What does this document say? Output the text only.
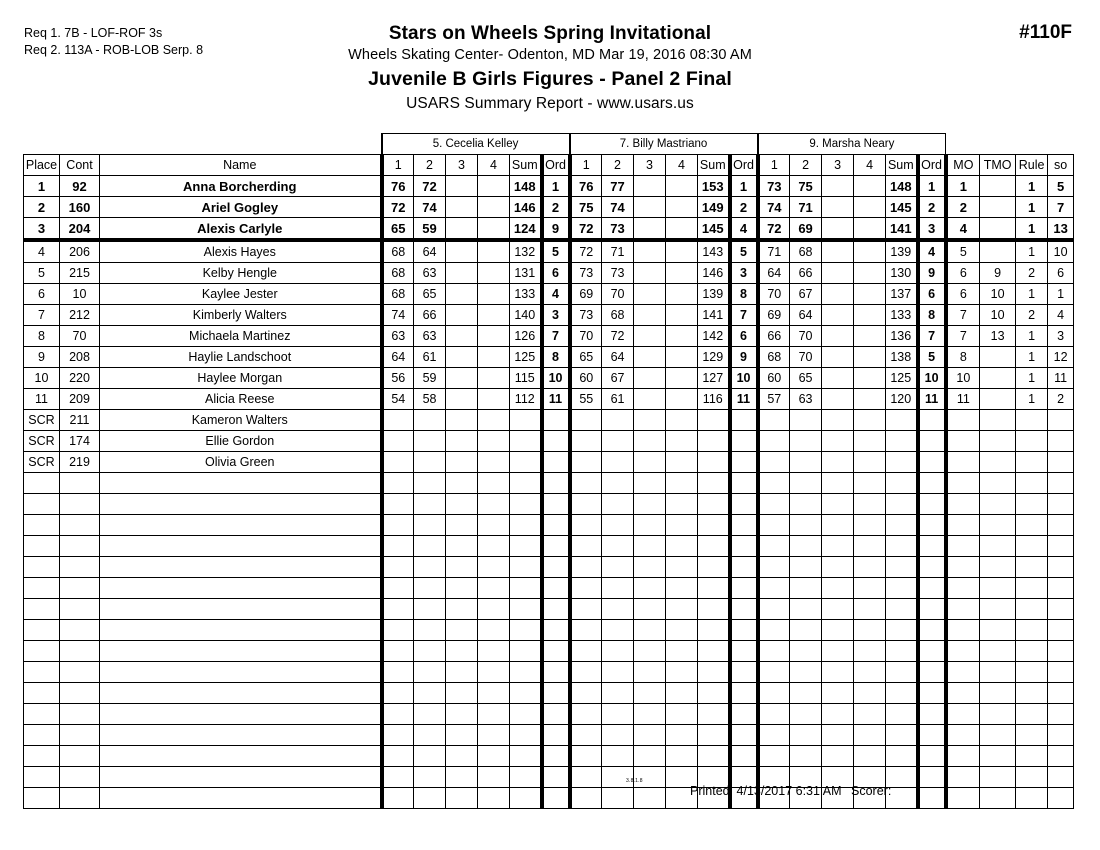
Req 1. 7B - LOF-ROF 3s
Req 2. 113A - ROB-LOB Serp. 8
Stars on Wheels Spring Invitational
Wheels Skating Center- Odenton, MD Mar 19, 2016 08:30 AM
Juvenile B Girls Figures - Panel 2 Final
USARS Summary Report - www.usars.us
#110F
			5. Cecelia Kelley						7. Billy Mastriano						9. Marsha Neary									
Place	Cont	Name	1	2	3	4	Sum	Ord	1	2	3	4	Sum	Ord	1	2	3	4	Sum	Ord	MO	TMO	Rule	so
1	92	Anna Borcherding	76	72			148	1	76	77			153	1	73	75			148	1	1		1	5
2	160	Ariel Gogley	72	74			146	2	75	74			149	2	74	71			145	2	2		1	7
3	204	Alexis Carlyle	65	59			124	9	72	73			145	4	72	69			141	3	4		1	13
4	206	Alexis Hayes	68	64			132	5	72	71			143	5	71	68			139	4	5		1	10
5	215	Kelby Hengle	68	63			131	6	73	73			146	3	64	66			130	9	6	9	2	6
6	10	Kaylee Jester	68	65			133	4	69	70			139	8	70	67			137	6	6	10	1	1
7	212	Kimberly Walters	74	66			140	3	73	68			141	7	69	64			133	8	7	10	2	4
8	70	Michaela Martinez	63	63			126	7	70	72			142	6	66	70			136	7	7	13	1	3
9	208	Haylie Landschoot	64	61			125	8	65	64			129	9	68	70			138	5	8		1	12
10	220	Haylee Morgan	56	59			115	10	60	67			127	10	60	65			125	10	10		1	11
11	209	Alicia Reese	54	58			112	11	55	61			116	11	57	63			120	11	11		1	2
SCR	211	Kameron Walters																						
SCR	174	Ellie Gordon																						
SCR	219	Olivia Green																						

3.8.1.8
Printed: 4/13/2017 6:31 AM Scorer:
